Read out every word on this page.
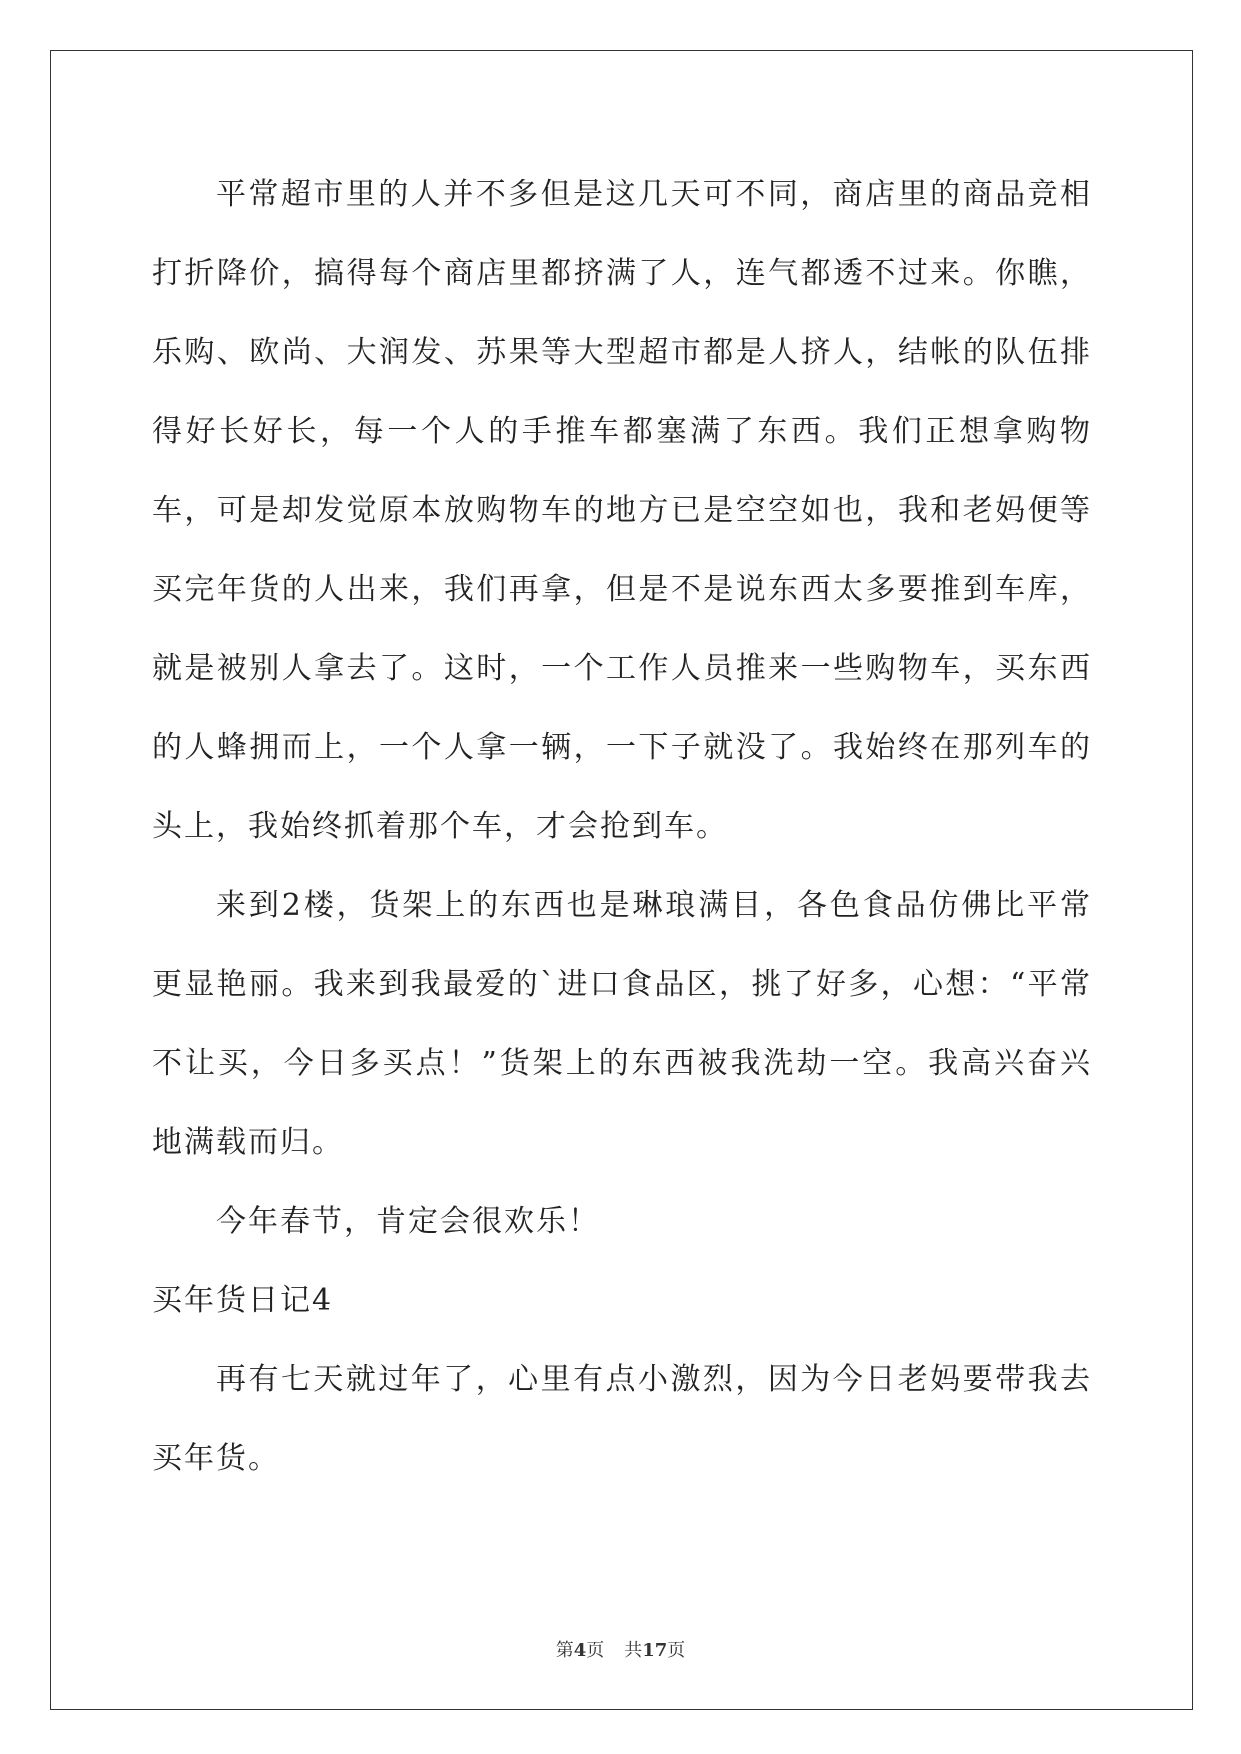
平常超市里的人并不多但是这几天可不同，商店里的商品竞相打折降价，搞得每个商店里都挤满了人，连气都透不过来。你瞧，乐购、欧尚、大润发、苏果等大型超市都是人挤人，结帐的队伍排得好长好长，每一个人的手推车都塞满了东西。我们正想拿购物车，可是却发觉原本放购物车的地方已是空空如也，我和老妈便等买完年货的人出来，我们再拿，但是不是说东西太多要推到车库，就是被别人拿去了。这时，一个工作人员推来一些购物车，买东西的人蜂拥而上，一个人拿一辆，一下子就没了。我始终在那列车的头上，我始终抓着那个车，才会抢到车。

来到2楼，货架上的东西也是琳琅满目，各色食品仿佛比平常更显艳丽。我来到我最爱的`进口食品区，挑了好多，心想：“平常不让买，今日多买点！”货架上的东西被我洗劫一空。我高兴奋兴地满载而归。

今年春节，肯定会很欢乐！

买年货日记4

再有七天就过年了，心里有点小激烈，因为今日老妈要带我去买年货。

第4页 共17页
